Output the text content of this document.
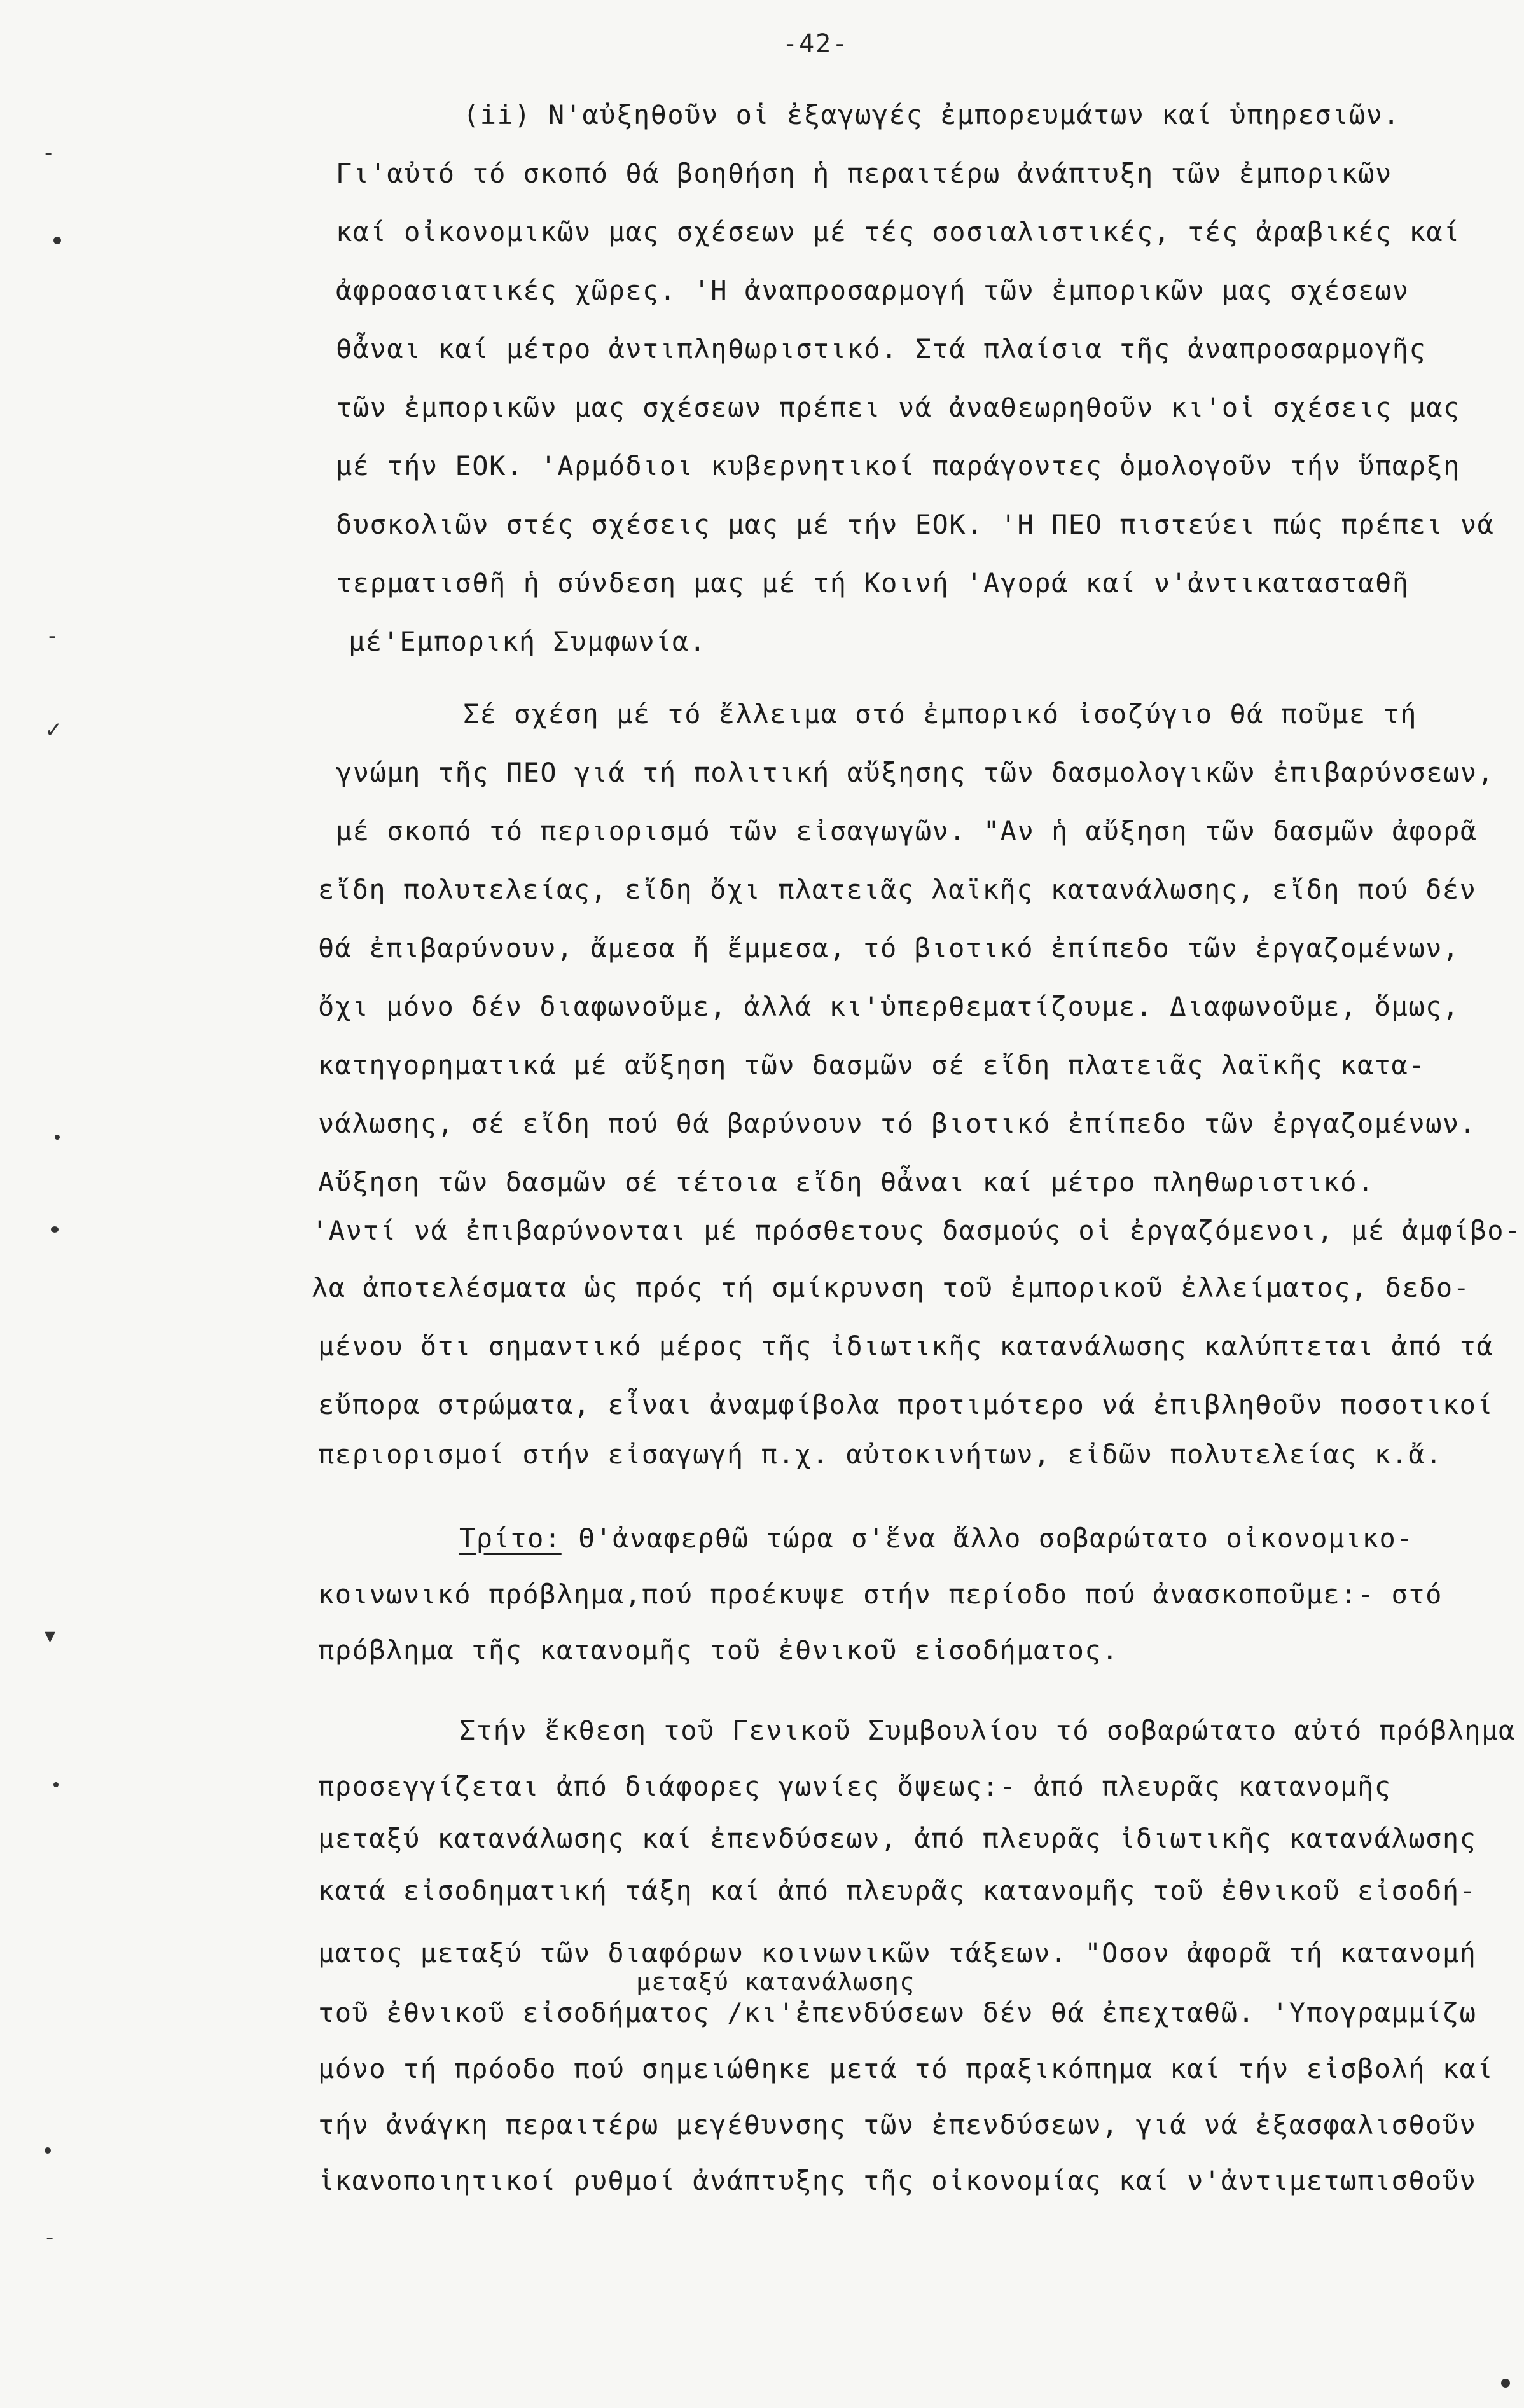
-42-
(ii) Ν'αὐξηθοῦν οἱ ἐξαγωγές ἐμπορευμάτων καί ὑπηρεσιῶν.
Γι'αὐτό τό σκοπό θά βοηθήση ἡ περαιτέρω ἀνάπτυξη τῶν ἐμπορικῶν
καί οἰκονομικῶν μας σχέσεων μέ τές σοσιαλιστικές, τές ἀραβικές καί
ἀφροασιατικές χῶρες. 'Η ἀναπροσαρμογή τῶν ἐμπορικῶν μας σχέσεων
θἆναι καί μέτρο ἀντιπληθωριστικό. Στά πλαίσια τῆς ἀναπροσαρμογῆς
τῶν ἐμπορικῶν μας σχέσεων πρέπει νά ἀναθεωρηθοῦν κι'οἱ σχέσεις μας
μέ τήν ΕΟΚ. 'Αρμόδιοι κυβερνητικοί παράγοντες ὁμολογοῦν τήν ὕπαρξη
δυσκολιῶν στές σχέσεις μας μέ τήν ΕΟΚ. 'Η ΠΕΟ πιστεύει πώς πρέπει νά
τερματισθῆ ἡ σύνδεση μας μέ τή Κοινή 'Αγορά καί ν'ἀντικατασταθῆ
μέ'Εμπορική Συμφωνία.
Σέ σχέση μέ τό ἔλλειμα στό ἐμπορικό ἰσοζύγιο θά ποῦμε τή
γνώμη τῆς ΠΕΟ γιά τή πολιτική αὔξησης τῶν δασμολογικῶν ἐπιβαρύνσεων,
μέ σκοπό τό περιορισμό τῶν εἰσαγωγῶν. "Αν ἡ αὔξηση τῶν δασμῶν ἀφορᾶ
εἴδη πολυτελείας, εἴδη ὄχι πλατειᾶς λαϊκῆς κατανάλωσης, εἴδη πού δέν
θά ἐπιβαρύνουν, ἄμεσα ἤ ἔμμεσα, τό βιοτικό ἐπίπεδο τῶν ἐργαζομένων,
ὄχι μόνο δέν διαφωνοῦμε, ἀλλά κι'ὑπερθεματίζουμε. Διαφωνοῦμε, ὅμως,
κατηγορηματικά μέ αὔξηση τῶν δασμῶν σέ εἴδη πλατειᾶς λαϊκῆς κατα-
νάλωσης, σέ εἴδη πού θά βαρύνουν τό βιοτικό ἐπίπεδο τῶν ἐργαζομένων.
Αὔξηση τῶν δασμῶν σέ τέτοια εἴδη θἆναι καί μέτρο πληθωριστικό.
'Αντί νά ἐπιβαρύνονται μέ πρόσθετους δασμούς οἱ ἐργαζόμενοι, μέ ἀμφίβο-
λα ἀποτελέσματα ὡς πρός τή σμίκρυνση τοῦ ἐμπορικοῦ ἐλλείματος, δεδο-
μένου ὅτι σημαντικό μέρος τῆς ἰδιωτικῆς κατανάλωσης καλύπτεται ἀπό τά
εὔπορα στρώματα, εἶναι ἀναμφίβολα προτιμότερο νά ἐπιβληθοῦν ποσοτικοί
περιορισμοί στήν εἰσαγωγή π.χ. αὐτοκινήτων, εἰδῶν πολυτελείας κ.ἄ.
Τρίτο: Θ'ἀναφερθῶ τώρα σ'ἕνα ἄλλο σοβαρώτατο οἰκονομικο-
κοινωνικό πρόβλημα,πού προέκυψε στήν περίοδο πού ἀνασκοποῦμε:- στό
πρόβλημα τῆς κατανομῆς τοῦ ἐθνικοῦ εἰσοδήματος.
Στήν ἔκθεση τοῦ Γενικοῦ Συμβουλίου τό σοβαρώτατο αὐτό πρόβλημα
προσεγγίζεται ἀπό διάφορες γωνίες ὄψεως:- ἀπό πλευρᾶς κατανομῆς
μεταξύ κατανάλωσης καί ἐπενδύσεων, ἀπό πλευρᾶς ἰδιωτικῆς κατανάλωσης
κατά εἰσοδηματική τάξη καί ἀπό πλευρᾶς κατανομῆς τοῦ ἐθνικοῦ εἰσοδή-
ματος μεταξύ τῶν διαφόρων κοινωνικῶν τάξεων. "Οσον ἀφορᾶ τή κατανομή
μεταξύ κατανάλωσης
τοῦ ἐθνικοῦ εἰσοδήματος /κι'ἐπενδύσεων δέν θά ἐπεχταθῶ. 'Υπογραμμίζω
μόνο τή πρόοδο πού σημειώθηκε μετά τό πραξικόπημα καί τήν εἰσβολή καί
τήν ἀνάγκη περαιτέρω μεγέθυνσης τῶν ἐπενδύσεων, γιά νά ἐξασφαλισθοῦν
ἱκανοποιητικοί ρυθμοί ἀνάπτυξης τῆς οἰκονομίας καί ν'ἀντιμετωπισθοῦν
-
-
✓
▾
-
